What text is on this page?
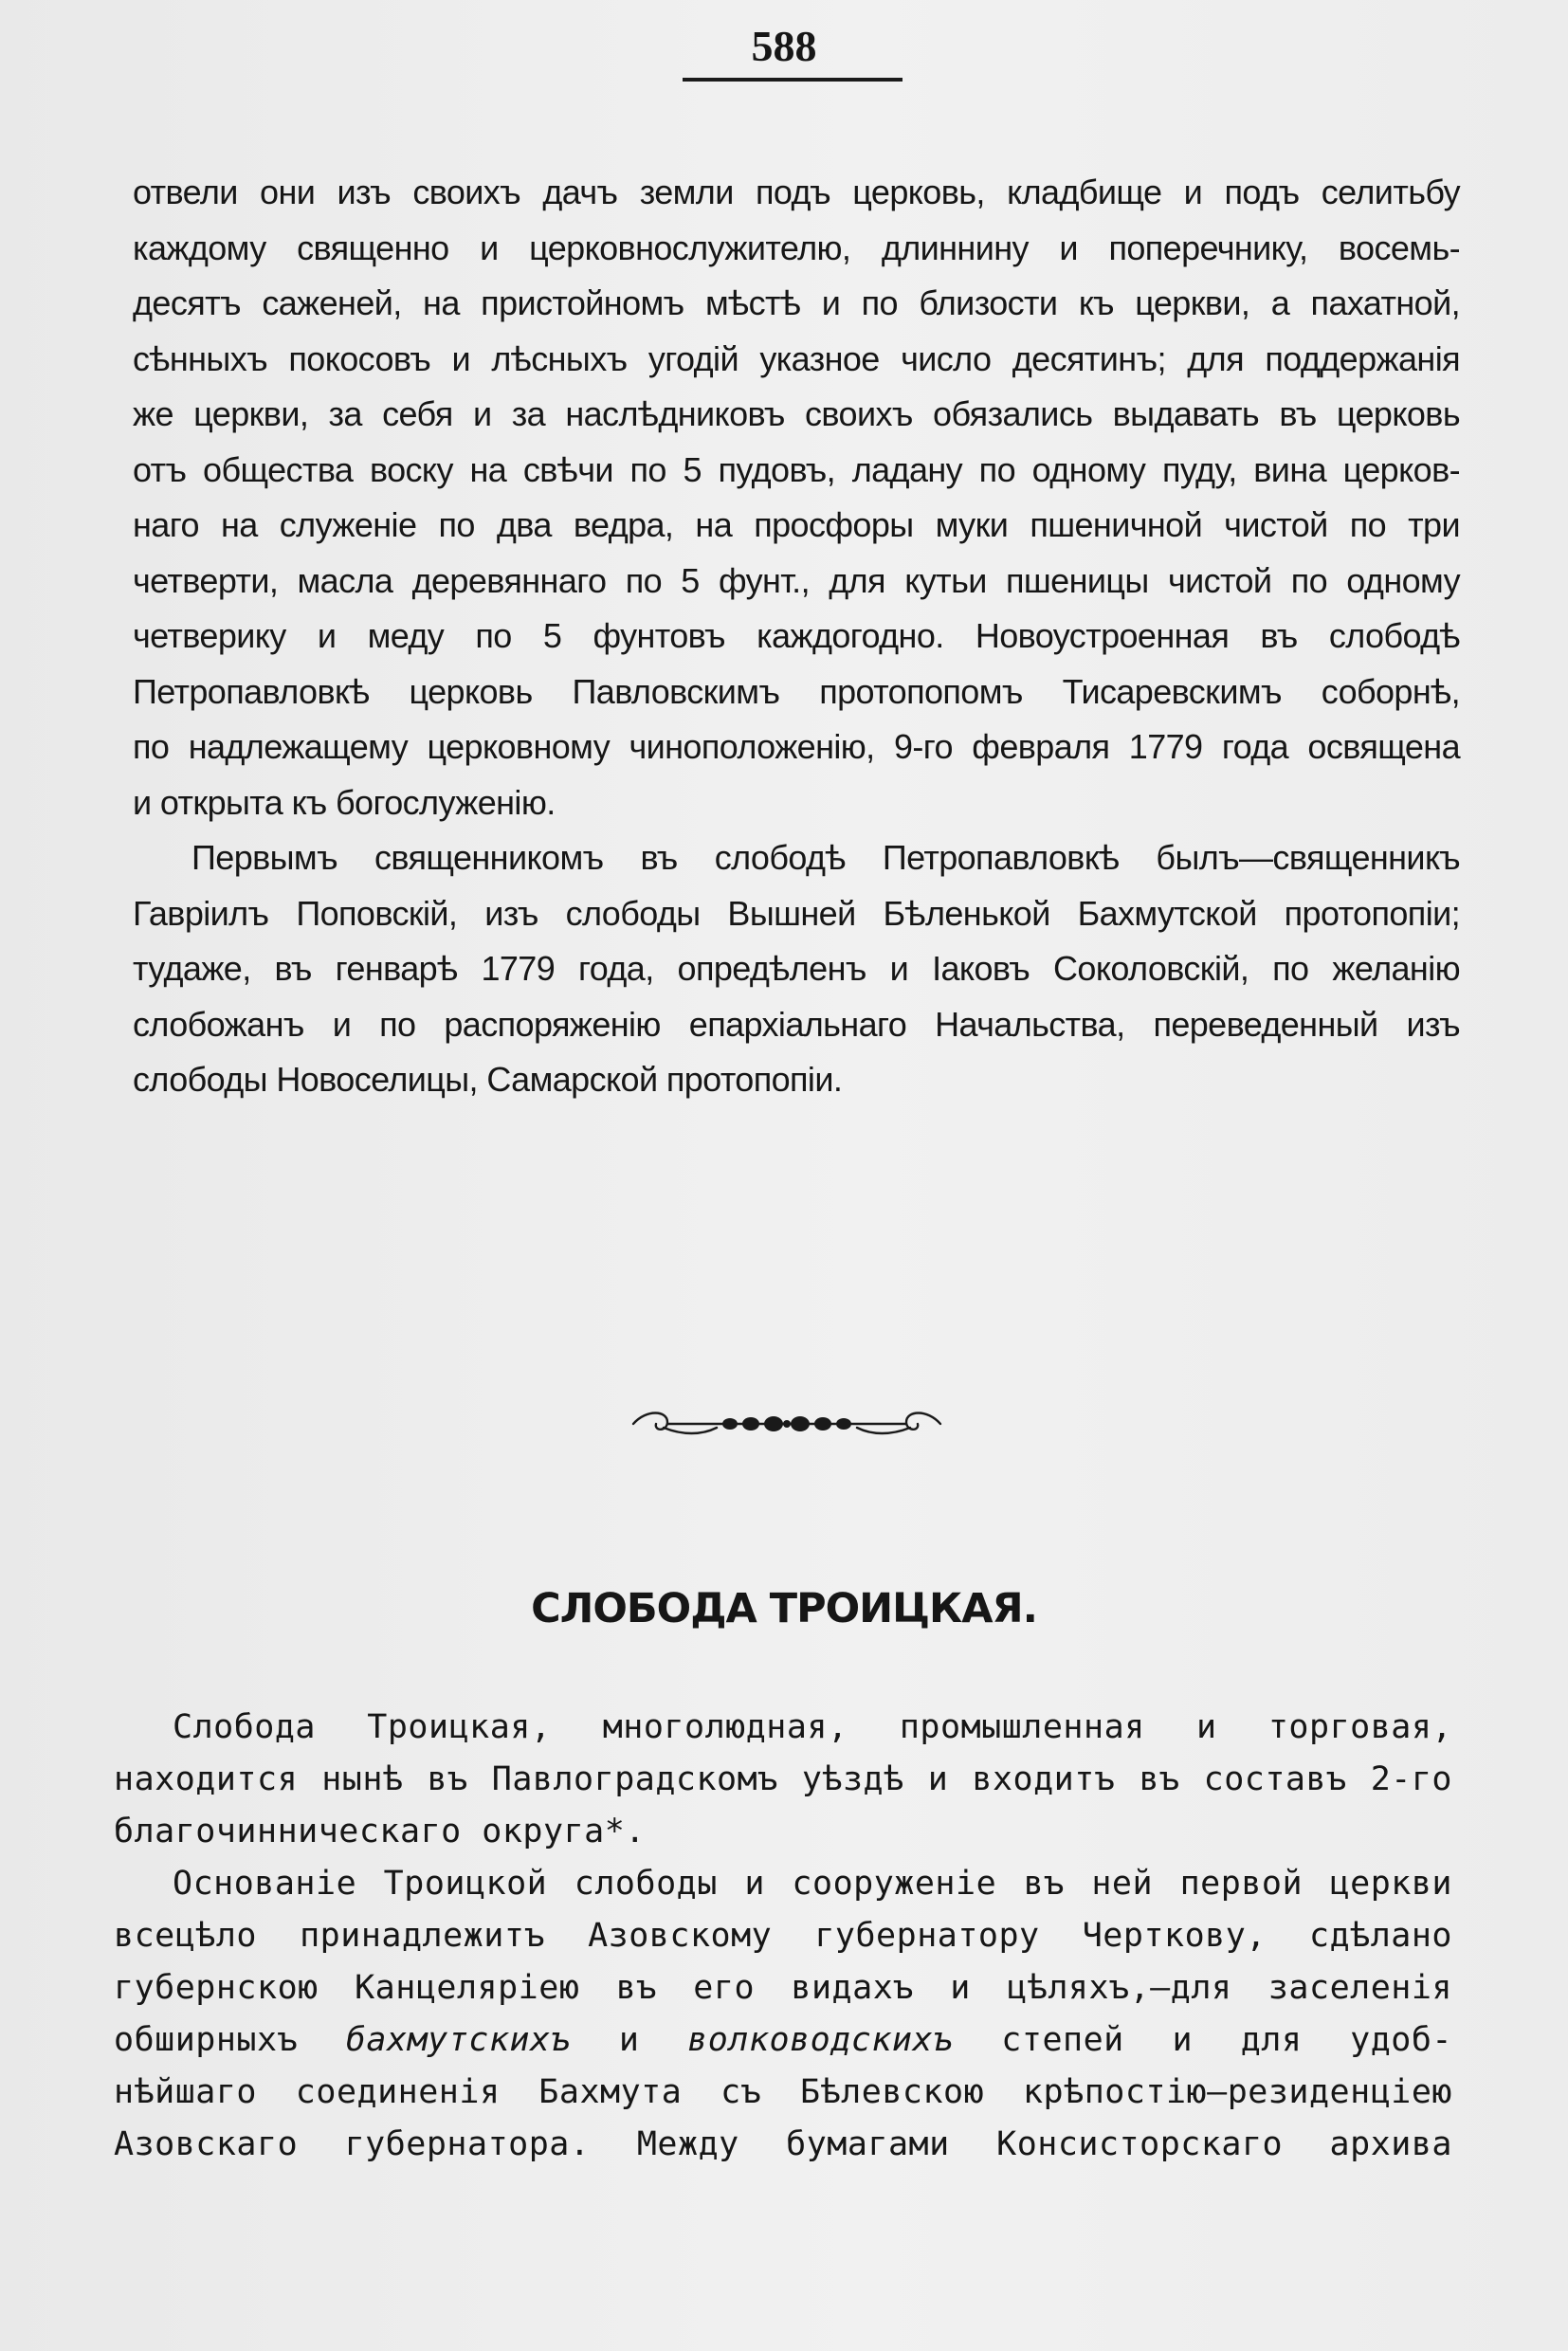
588

отвели они изъ своихъ дачъ земли подъ церковь, кладбище и подъ селитьбу

каждому священно и церковнослужителю, длиннину и поперечнику, восемь-

десятъ саженей, на пристойномъ мѣстѣ и по близости къ церкви, а пахатной,

сѣнныхъ покосовъ и лѣсныхъ угодій указное число десятинъ; для поддержанія

же церкви, за себя и за наслѣдниковъ своихъ обязались выдавать въ церковь

отъ общества воску на свѣчи по 5 пудовъ, ладану по одному пуду, вина церков-

наго на служеніе по два ведра, на просфоры муки пшеничной чистой по три

четверти, масла деревяннаго по 5 фунт., для кутьи пшеницы чистой по одному

четверику и меду по 5 фунтовъ каждогодно. Новоустроенная въ слободѣ

Петропавловкѣ церковь Павловскимъ протопопомъ Тисаревскимъ соборнѣ,

по надлежащему церковному чиноположенію, 9-го февраля 1779 года освящена

и открыта къ богослуженію.

Первымъ священникомъ въ слободѣ Петропавловкѣ былъ—священникъ

Гавріилъ Поповскій, изъ слободы Вышней Бѣленькой Бахмутской протопопіи;

тудаже, въ генварѣ 1779 года, опредѣленъ и Іаковъ Соколовскій, по желанію

слобожанъ и по распоряженію епархіальнаго Начальства, переведенный изъ

слободы Новоселицы, Самарской протопопіи.

СЛОБОДА ТРОИЦКАЯ.

Слобода Троицкая, многолюдная, промышленная и торговая,

находится нынѣ въ Павлоградскомъ уѣздѣ и входитъ въ составъ 2-го

благочинническаго округа*.

Основаніе Троицкой слободы и сооруженіе въ ней первой церкви

всецѣло принадлежитъ Азовскому губернатору Черткову, сдѣлано

губернскою Канцеляріею въ его видахъ и цѣляхъ,—для заселенія

обширныхъ бахмутскихъ и волководскихъ степей и для удоб-

нѣйшаго соединенія Бахмута съ Бѣлевскою крѣпостію—резиденціею

Азовскаго губернатора. Между бумагами Консисторскаго архива
